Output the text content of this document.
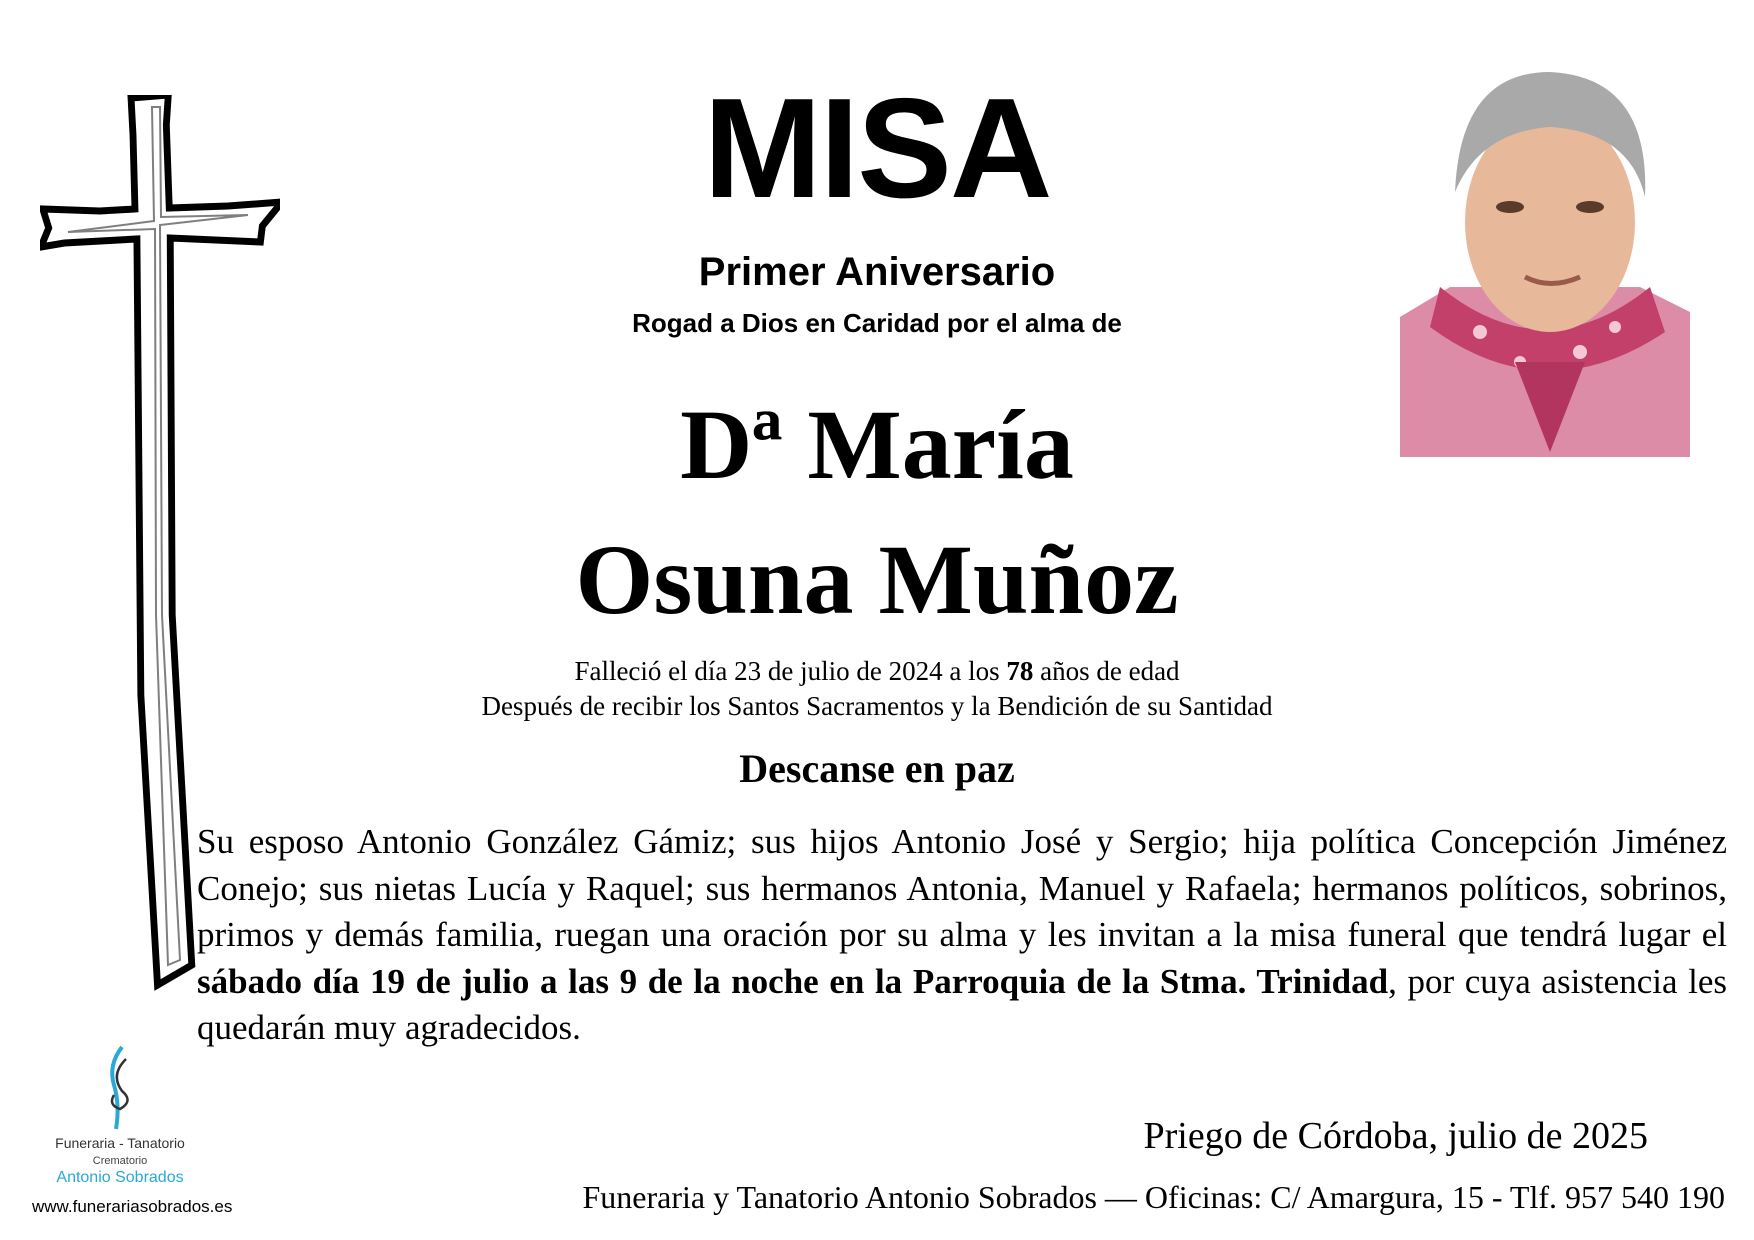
MISA
Primer Aniversario
Rogad a Dios en Caridad por el alma de
Dª María
Osuna Muñoz
Falleció el día 23 de julio de 2024 a los 78 años de edad
Después de recibir los Santos Sacramentos y la Bendición de su Santidad
Descanse en paz

Su esposo Antonio González Gámiz; sus hijos Antonio José y Sergio; hija política Concepción Jiménez Conejo; sus nietas Lucía y Raquel; sus hermanos Antonia, Manuel y Rafaela; hermanos políticos, sobrinos, primos y demás familia, ruegan una oración por su alma y les invitan a la misa funeral que tendrá lugar el sábado día 19 de julio a las 9 de la noche en la Parroquia de la Stma. Trinidad, por cuya asistencia les quedarán muy agradecidos.

Priego de Córdoba, julio de 2025
Funeraria y Tanatorio Antonio Sobrados — Oficinas: C/ Amargura, 15 - Tlf. 957 540 190
Funeraria - Tanatorio
Crematorio
Antonio Sobrados
www.funerariasobrados.es
